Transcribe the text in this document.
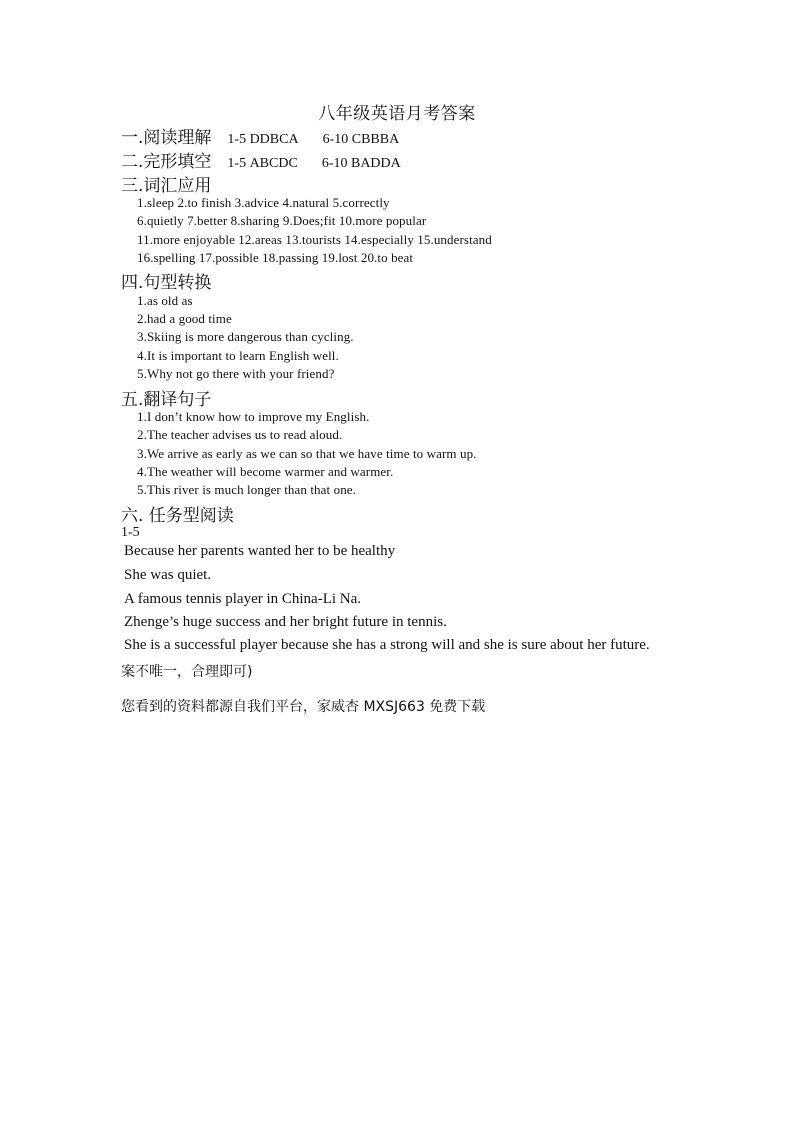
八年级英语月考答案
一.阅读理解 1-5 DDBCA 6-10 CBBBA
二.完形填空 1-5 ABCDC 6-10 BADDA
三.词汇应用
1.sleep 2.to finish 3.advice 4.natural 5.correctly
6.quietly 7.better 8.sharing 9.Does;fit 10.more popular
11.more enjoyable 12.areas 13.tourists 14.especially 15.understand
16.spelling 17.possible 18.passing 19.lost 20.to beat
四.句型转换
1.as old as
2.had a good time
3.Skiing is more dangerous than cycling.
4.It is important to learn English well.
5.Why not go there with your friend?
五.翻译句子
1.I don’t know how to improve my English.
2.The teacher advises us to read aloud.
3.We arrive as early as we can so that we have time to warm up.
4.The weather will become warmer and warmer.
5.This river is much longer than that one.
六. 任务型阅读
1-5
Because her parents wanted her to be healthy
She was quiet.
A famous tennis player in China-Li Na.
Zhenge’s huge success and her bright future in tennis.
She is a successful player because she has a strong will and she is sure about her future.
案不唯一，合理即可)
您看到的资料都源自我们平台，家威杏 MXSJ663 免费下载
